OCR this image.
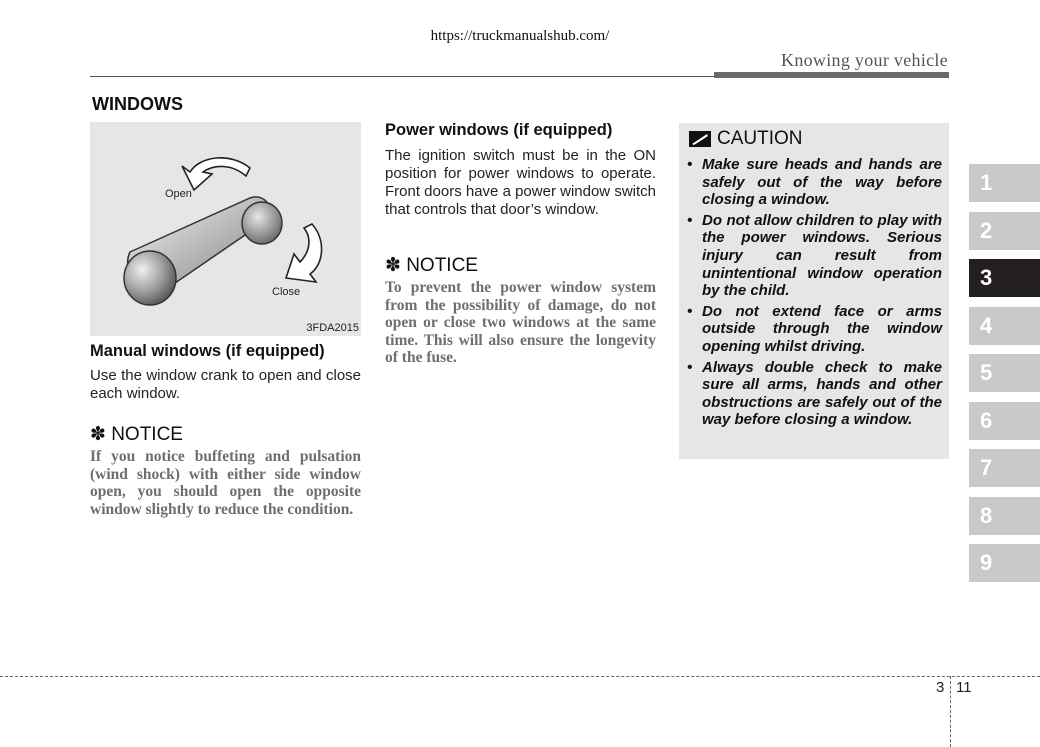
https://truckmanualshub.com/
Knowing your vehicle
WINDOWS
Open
Close
3FDA2015
Manual windows (if equipped)
Use the window crank to open and close each window.
✽ NOTICE
If you notice buffeting and pulsation (wind shock) with either side window open, you should open the opposite window slightly to reduce the condition.
Power windows (if equipped)
The ignition switch must be in the ON position for power windows to operate. Front doors have a power window switch that controls that door’s window.
✽ NOTICE
To prevent the power window system from the possibility of damage, do not open or close two windows at the same time. This will also ensure the longevity of the fuse.
CAUTION
• Make sure heads and hands are safely out of the way before closing a window.
• Do not allow children to play with the power windows. Serious injury can result from unintentional window operation by the child.
• Do not extend face or arms outside through the window opening whilst driving.
• Always double check to make sure all arms, hands and other obstructions are safely out of the way before closing a window.
1
2
3
4
5
6
7
8
9
3 11
